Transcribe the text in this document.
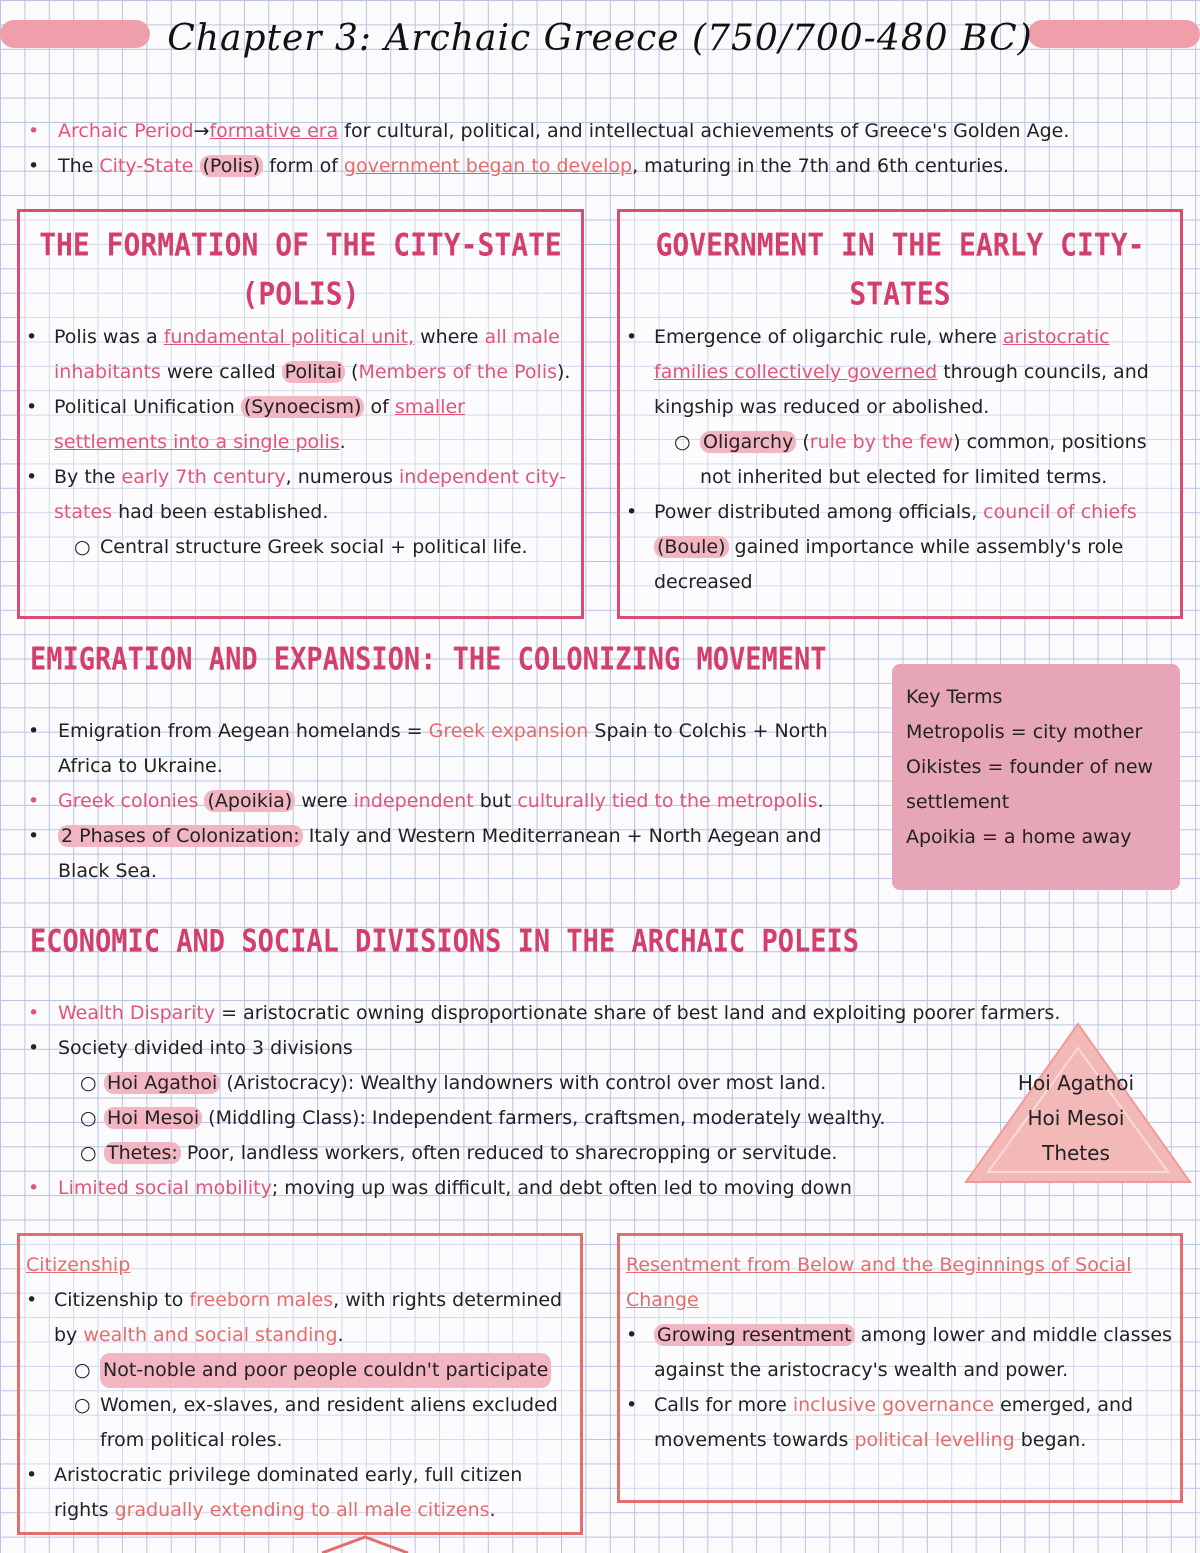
Chapter 3: Archaic Greece (750/700-480 BC)
• Archaic Period→formative era for cultural, political, and intellectual achievements of Greece's Golden Age.
• The City-State (Polis) form of government began to develop, maturing in the 7th and 6th centuries.
THE FORMATION OF THE CITY-STATE (POLIS)
• Polis was a fundamental political unit, where all male inhabitants were called Politai (Members of the Polis).
• Political Unification (Synoecism) of smaller settlements into a single polis.
• By the early 7th century, numerous independent city-states had been established.
○ Central structure Greek social + political life.
GOVERNMENT IN THE EARLY CITY-STATES
• Emergence of oligarchic rule, where aristocratic families collectively governed through councils, and kingship was reduced or abolished.
○ Oligarchy (rule by the few) common, positions not inherited but elected for limited terms.
• Power distributed among officials, council of chiefs (Boule) gained importance while assembly's role decreased
EMIGRATION AND EXPANSION: THE COLONIZING MOVEMENT
• Emigration from Aegean homelands = Greek expansion Spain to Colchis + North Africa to Ukraine.
• Greek colonies (Apoikia) were independent but culturally tied to the metropolis.
•	2 Phases of Colonization: Italy and Western Mediterranean + North Aegean and Black Sea.
Key Terms
Metropolis = city mother
Oikistes = founder of new settlement
Apoikia = a home away
ECONOMIC AND SOCIAL DIVISIONS IN THE ARCHAIC POLEIS
• Wealth Disparity = aristocratic owning disproportionate share of best land and exploiting poorer farmers.
• Society divided into 3 divisions
○ Hoi Agathoi (Aristocracy): Wealthy landowners with control over most land.
○ Hoi Mesoi (Middling Class): Independent farmers, craftsmen, moderately wealthy.
○ Thetes: Poor, landless workers, often reduced to sharecropping or servitude.
• Limited social mobility; moving up was difficult, and debt often led to moving down
Hoi Agathoi
Hoi Mesoi
Thetes
Citizenship
• Citizenship to freeborn males, with rights determined by wealth and social standing.
○ Not-noble and poor people couldn't participate
○ Women, ex-slaves, and resident aliens excluded from political roles.
• Aristocratic privilege dominated early, full citizen rights gradually extending to all male citizens.
Resentment from Below and the Beginnings of Social Change
•	Growing resentment among lower and middle classes against the aristocracy's wealth and power.
• Calls for more inclusive governance emerged, and movements towards political levelling began.
